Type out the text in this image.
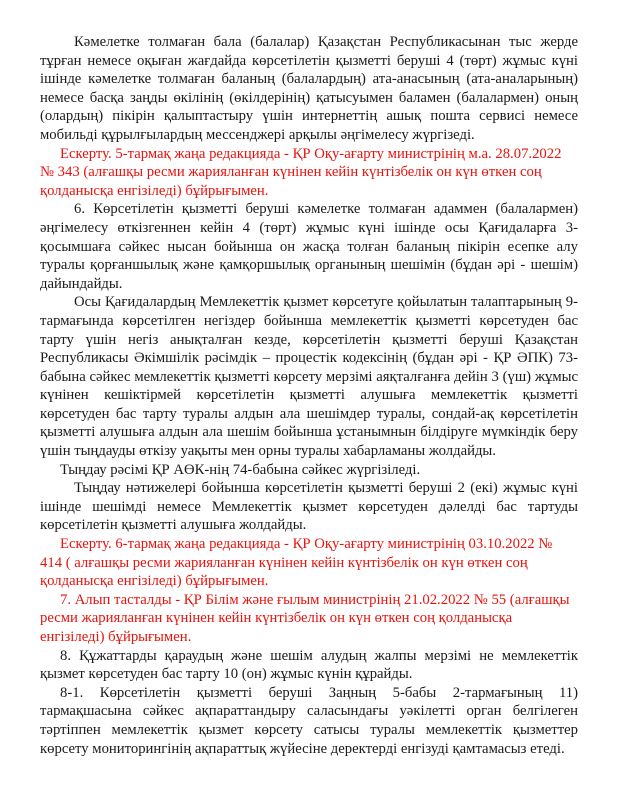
Кәмелетке толмаған бала (балалар) Қазақстан Республикасынан тыс жерде тұрған немесе оқыған жағдайда көрсетілетін қызметті беруші 4 (төрт) жұмыс күні ішінде кәмелетке толмаған баланың (балалардың) ата-анасының (ата-аналарының) немесе басқа заңды өкілінің (өкілдерінің) қатысуымен баламен (балалармен) оның (олардың) пікірін қалыптастыру үшін интернеттің ашық пошта сервисі немесе мобильді құрылғылардың мессенджері арқылы әңгімелесу жүргізеді.

Ескерту. 5-тармақ жаңа редакцияда - ҚР Оқу-ағарту министрінің м.а. 28.07.2022 № 343 (алғашқы ресми жарияланған күнінен кейін күнтізбелік он күн өткен соң қолданысқа енгізіледі) бұйрығымен.

6. Көрсетілетін қызметті беруші кәмелетке толмаған адаммен (балалармен) әңгімелесу өткізгеннен кейін 4 (төрт) жұмыс күні ішінде осы Қағидаларға 3-қосымшаға сәйкес нысан бойынша он жасқа толған баланың пікірін есепке алу туралы қорғаншылық және қамқоршылық органының шешімін (бұдан әрі - шешім) дайындайды.

Осы Қағидалардың Мемлекеттік қызмет көрсетуге қойылатын талаптарының 9-тармағында көрсетілген негіздер бойынша мемлекеттік қызметті көрсетуден бас тарту үшін негіз анықталған кезде, көрсетілетін қызметті беруші Қазақстан Республикасы Әкімшілік рәсімдік – процестік кодексінің (бұдан әрі - ҚР ӘПК) 73-бабына сәйкес мемлекеттік қызметті көрсету мерзімі аяқталғанға дейін 3 (үш) жұмыс күнінен кешіктірмей көрсетілетін қызметті алушыға мемлекеттік қызметті көрсетуден бас тарту туралы алдын ала шешімдер туралы, сондай-ақ көрсетілетін қызметті алушыға алдын ала шешім бойынша ұстанымнын білдіруге мүмкіндік беру үшін тыңдауды өткізу уақыты мен орны туралы хабарламаны жолдайды.

Тыңдау рәсімі ҚР АӨК-нің 74-бабына сәйкес жүргізіледі.

Тыңдау нәтижелері бойынша көрсетілетін қызметті беруші 2 (екі) жұмыс күні ішінде шешімді немесе Мемлекеттік қызмет көрсетуден дәлелді бас тартуды көрсетілетін қызметті алушыға жолдайды.

Ескерту. 6-тармақ жаңа редакцияда - ҚР Оқу-ағарту министрінің 03.10.2022 № 414 ( алғашқы ресми жарияланған күнінен кейін күнтізбелік он күн өткен соң қолданысқа енгізіледі) бұйрығымен.

7. Алып тасталды - ҚР Білім және ғылым министрінің 21.02.2022 № 55 (алғашқы ресми жарияланған күнінен кейін күнтізбелік он күн өткен соң қолданысқа енгізіледі) бұйрығымен.

8. Құжаттарды қараудың және шешім алудың жалпы мерзімі не мемлекеттік қызмет көрсетуден бас тарту 10 (он) жұмыс күнін құрайды.

8-1. Көрсетілетін қызметті беруші Заңның 5-бабы 2-тармағының 11) тармақшасына сәйкес ақпараттандыру саласындағы уәкілетті орган белгілеген тәртіппен мемлекеттік қызмет көрсету сатысы туралы мемлекеттік қызметтер көрсету мониторингінің ақпараттық жүйесіне деректерді енгізуді қамтамасыз етеді.
